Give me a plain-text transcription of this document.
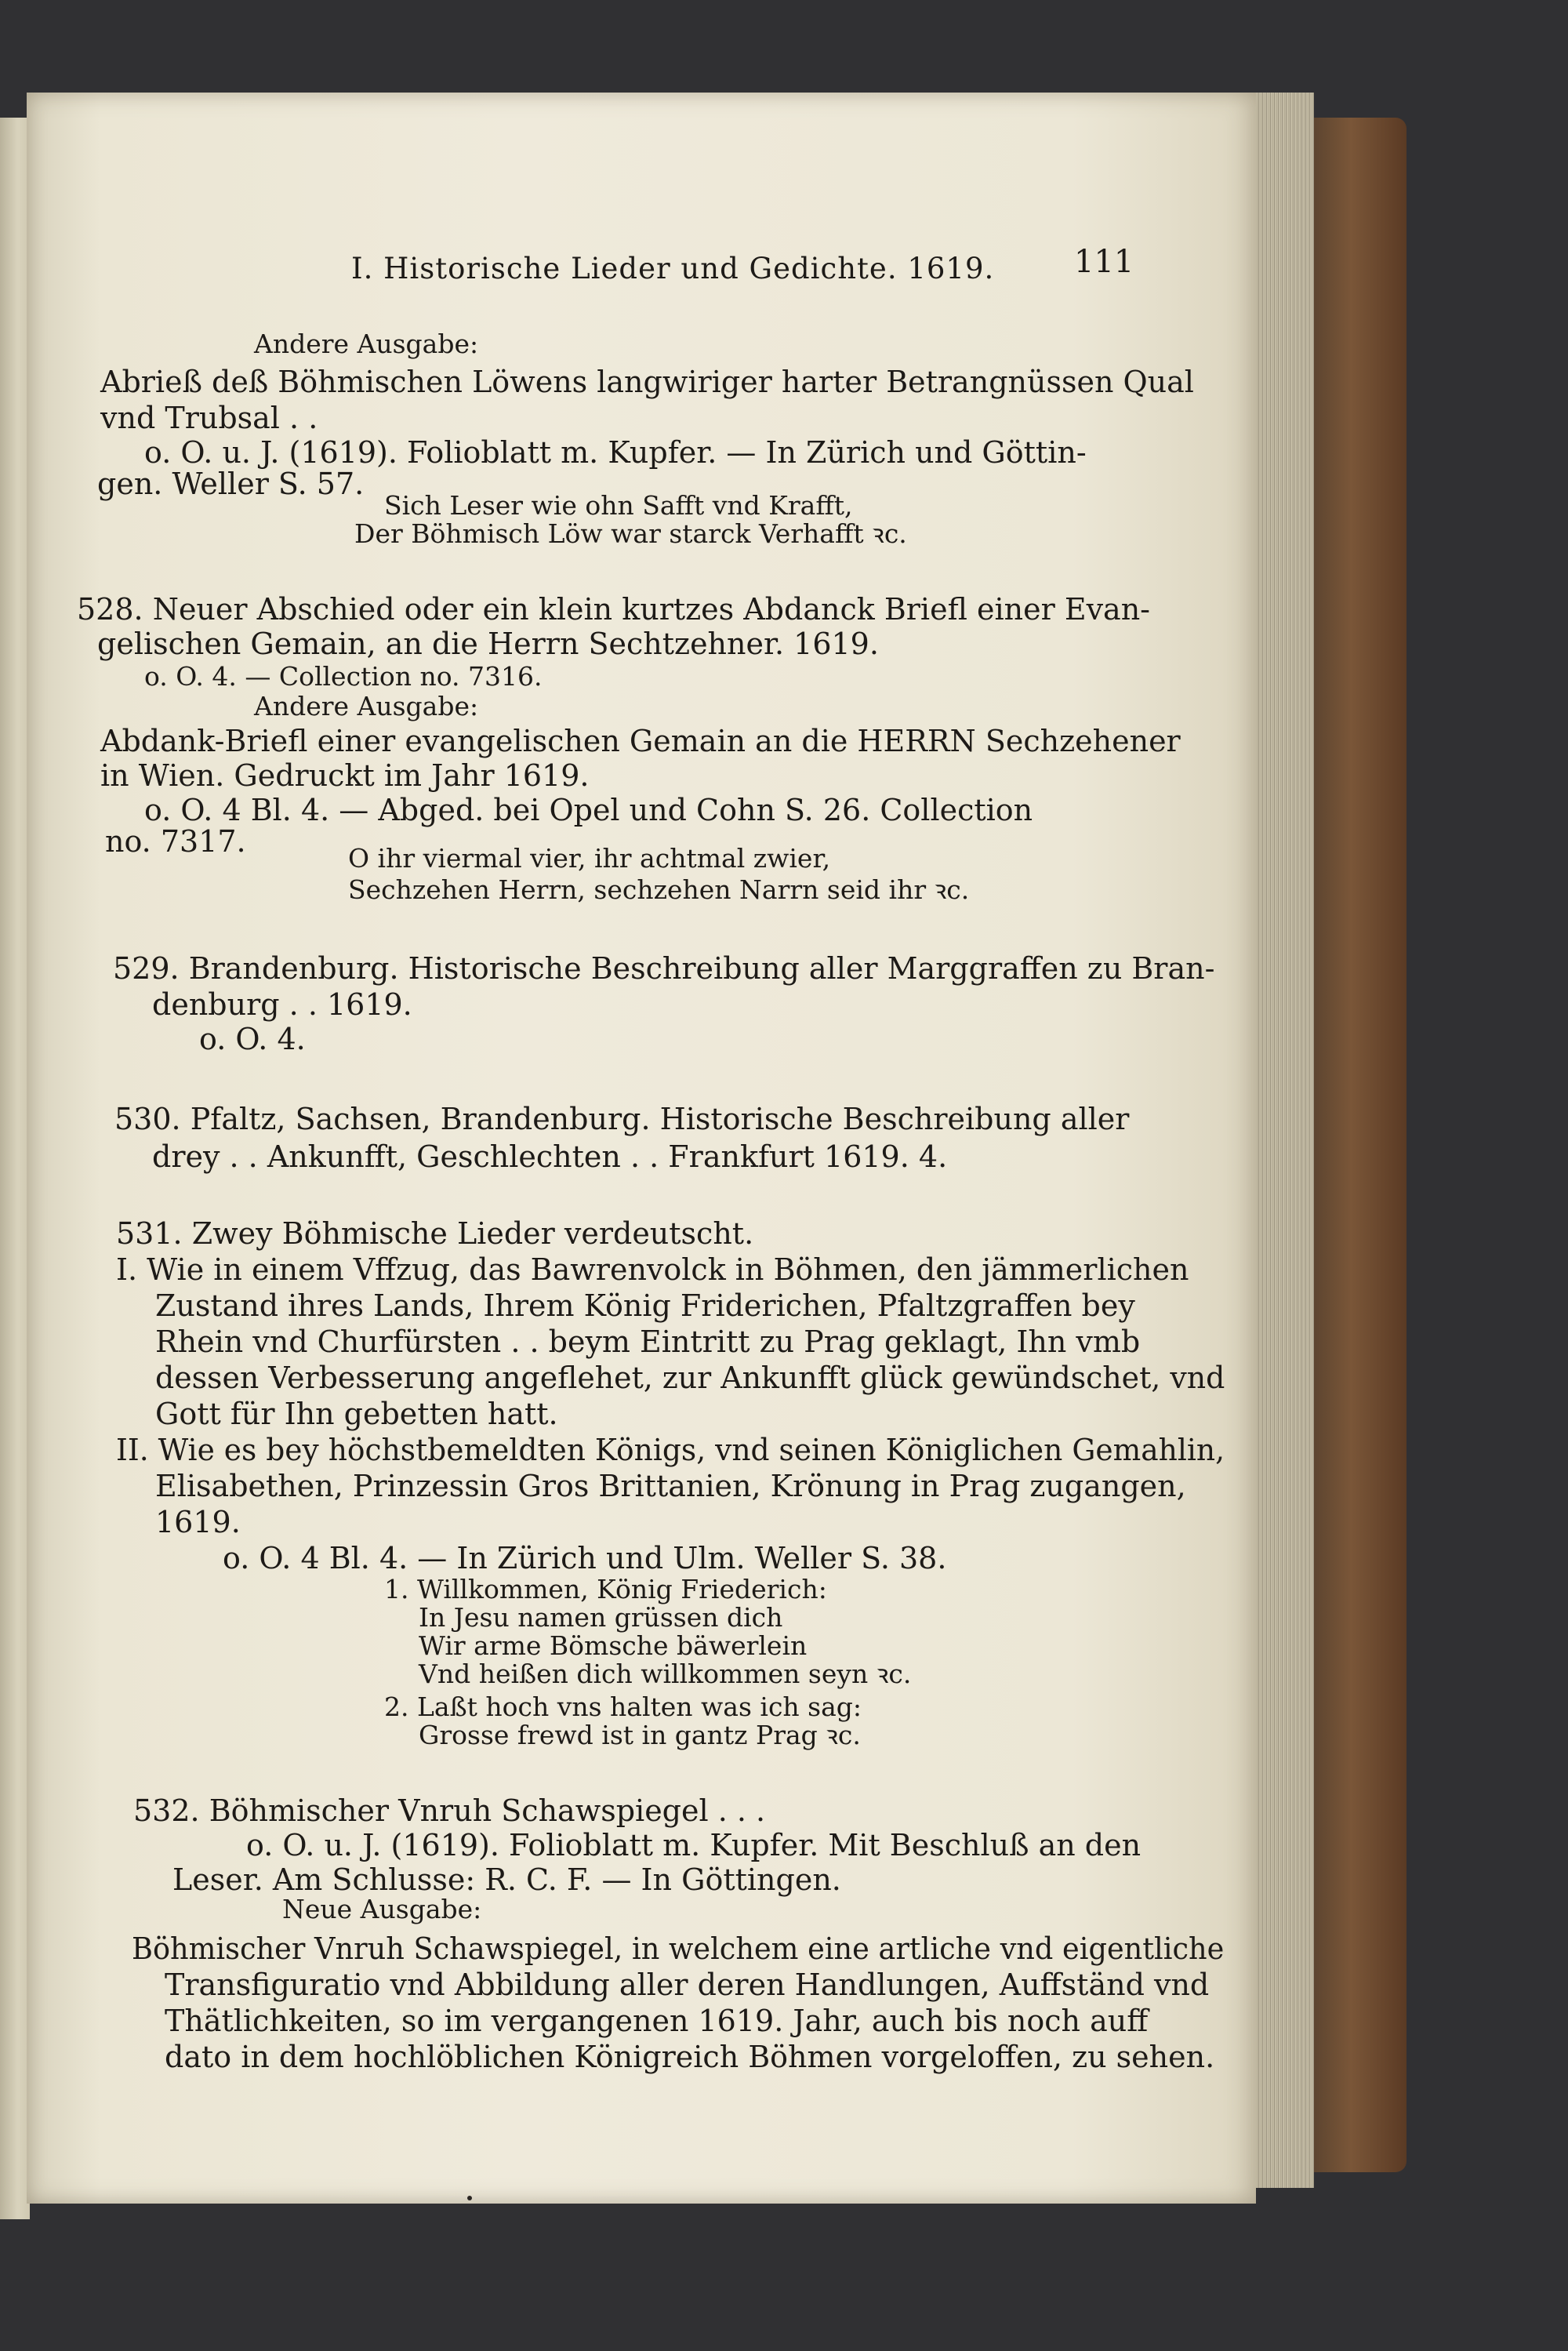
I. Historische Lieder und Gedichte. 1619.	111
Andere Ausgabe:
Abrieß deß Böhmischen Löwens langwiriger harter Betrangnüssen Qual
vnd Trubsal . .
o. O. u. J. (1619). Folioblatt m. Kupfer. — In Zürich und Göttin-
gen. Weller S. 57.
Sich Leser wie ohn Safft vnd Krafft,
Der Böhmisch Löw war starck Verhafft ꝛc.
528. Neuer Abschied oder ein klein kurtzes Abdanck Briefl einer Evan-
gelischen Gemain, an die Herrn Sechtzehner. 1619.
o. O. 4. — Collection no. 7316.
Andere Ausgabe:
Abdank-Briefl einer evangelischen Gemain an die HERRN Sechzehener
in Wien. Gedruckt im Jahr 1619.
o. O. 4 Bl. 4. — Abged. bei Opel und Cohn S. 26. Collection
no. 7317.	O ihr viermal vier, ihr achtmal zwier,
Sechzehen Herrn, sechzehen Narrn seid ihr ꝛc.
529. Brandenburg. Historische Beschreibung aller Marggraffen zu Bran-
denburg . . 1619.
o. O. 4.
530. Pfaltz, Sachsen, Brandenburg. Historische Beschreibung aller
drey . . Ankunfft, Geschlechten . . Frankfurt 1619. 4.
531. Zwey Böhmische Lieder verdeutscht.
I. Wie in einem Vffzug, das Bawrenvolck in Böhmen, den jämmerlichen
Zustand ihres Lands, Ihrem König Friderichen, Pfaltzgraffen bey
Rhein vnd Churfürsten . . beym Eintritt zu Prag geklagt, Ihn vmb
dessen Verbesserung angeflehet, zur Ankunfft glück gewündschet, vnd
Gott für Ihn gebetten hatt.
II. Wie es bey höchstbemeldten Königs, vnd seinen Königlichen Gemahlin,
Elisabethen, Prinzessin Gros Brittanien, Krönung in Prag zugangen,
1619.
o. O. 4 Bl. 4. — In Zürich und Ulm. Weller S. 38.
1. Willkommen, König Friederich:
In Jesu namen grüssen dich
Wir arme Bömsche bäwerlein
Vnd heißen dich willkommen seyn ꝛc.
2. Laßt hoch vns halten was ich sag:
Grosse frewd ist in gantz Prag ꝛc.
532. Böhmischer Vnruh Schawspiegel . . .
o. O. u. J. (1619). Folioblatt m. Kupfer. Mit Beschluß an den
Leser. Am Schlusse: R. C. F. — In Göttingen.
Neue Ausgabe:
Böhmischer Vnruh Schawspiegel, in welchem eine artliche vnd eigentliche
Transfiguratio vnd Abbildung aller deren Handlungen, Auffständ vnd
Thätlichkeiten, so im vergangenen 1619. Jahr, auch bis noch auff
dato in dem hochlöblichen Königreich Böhmen vorgeloffen, zu sehen.
